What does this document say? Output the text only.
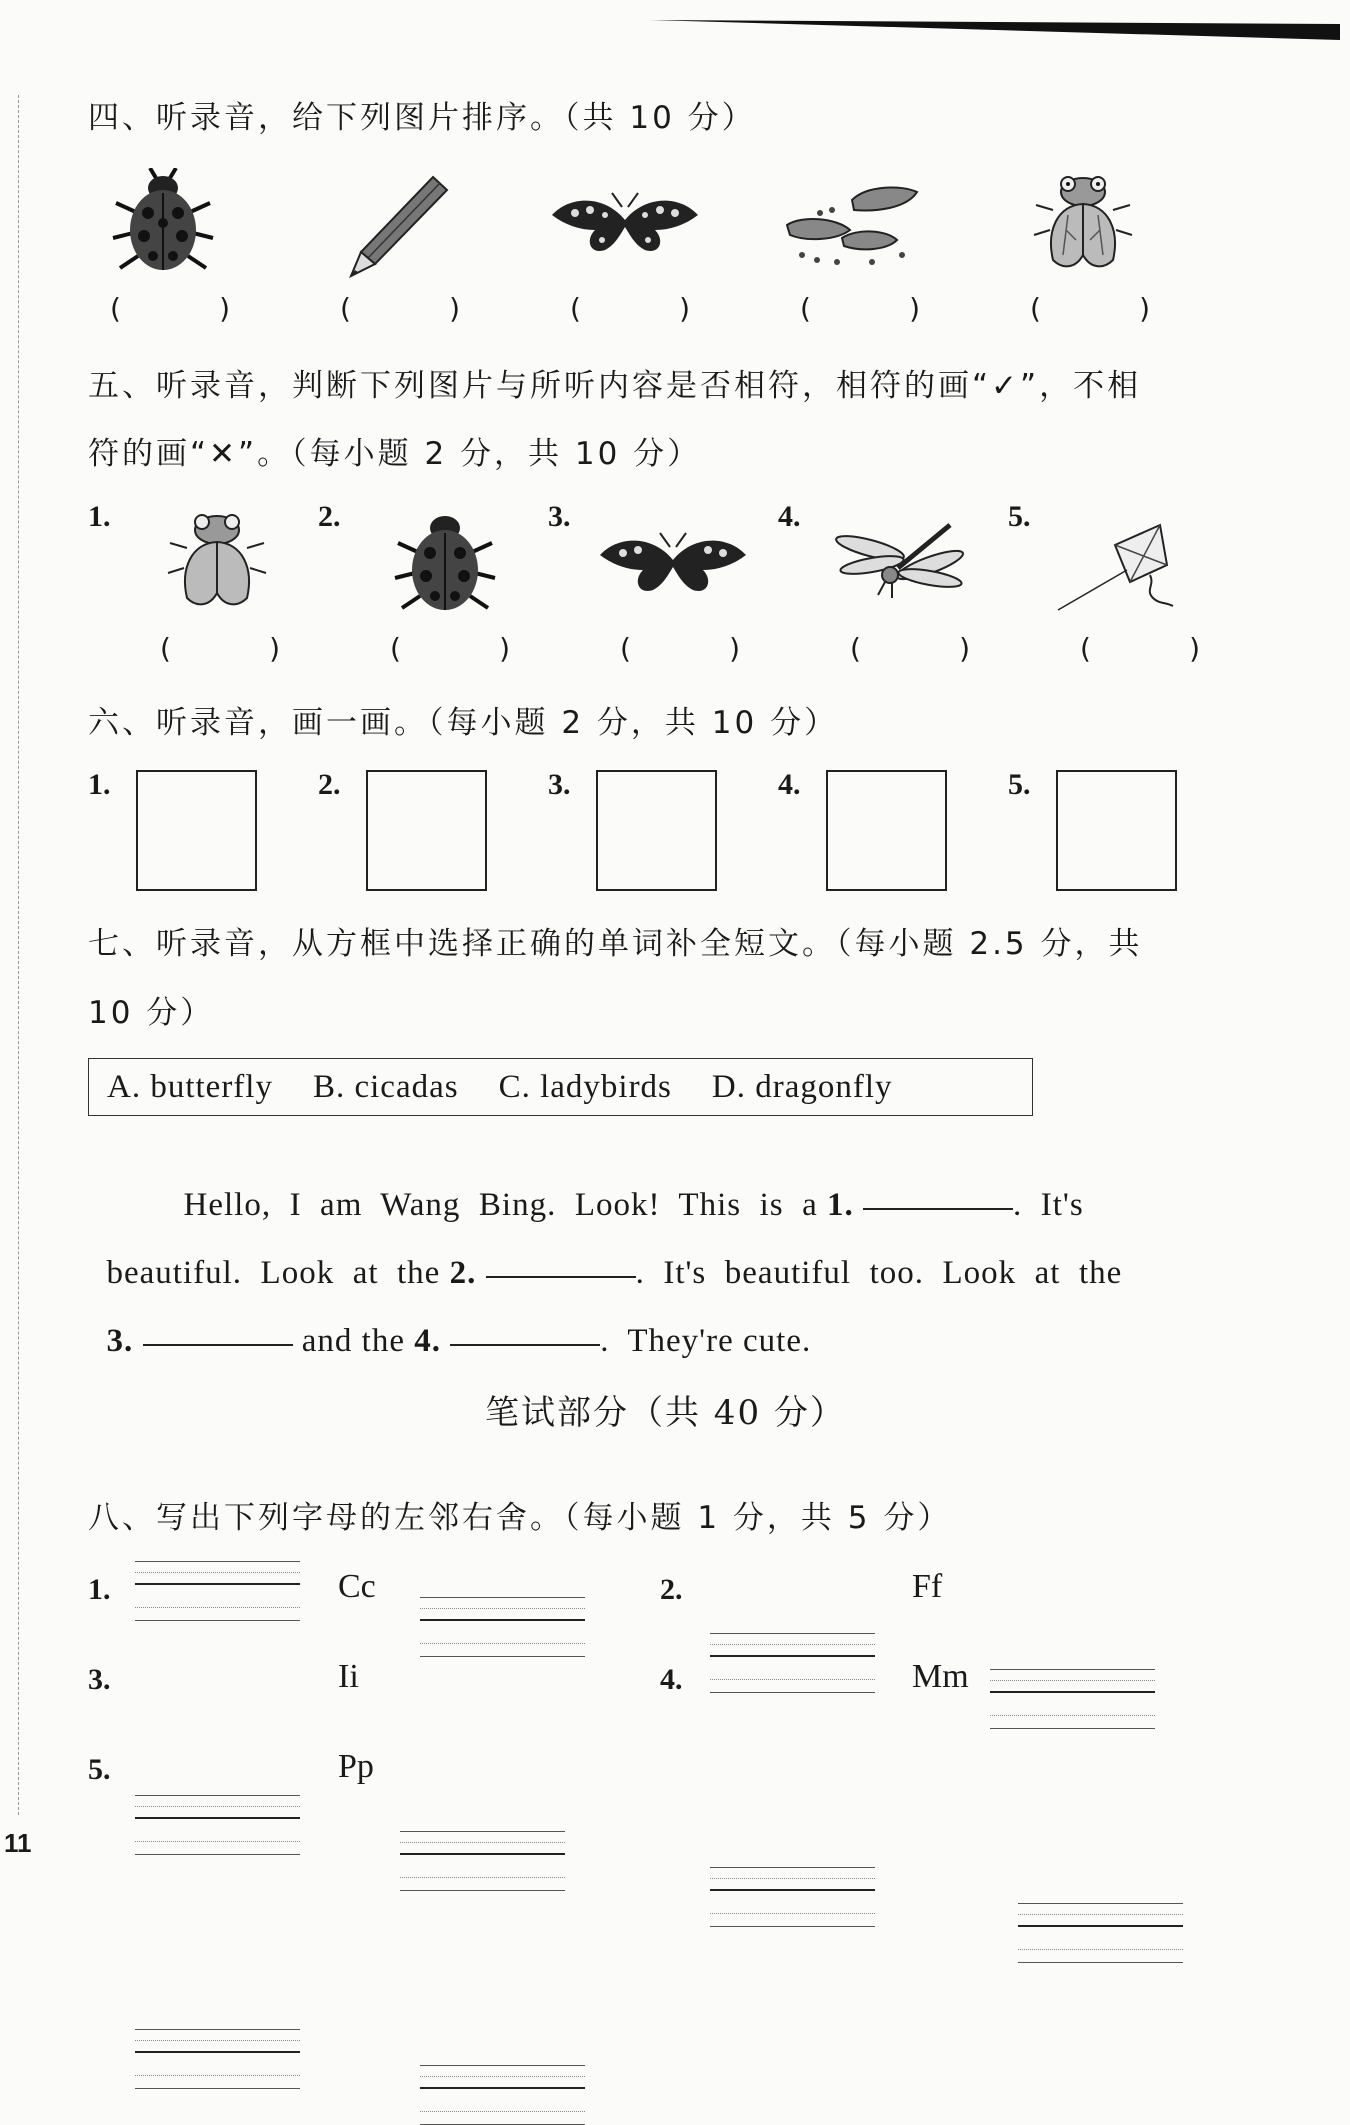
四、听录音，给下列图片排序。（共 10 分）
(	)	(	)	(	)	(	)	(	)
五、听录音，判断下列图片与所听内容是否相符，相符的画“✓”，不相
符的画“✕”。（每小题 2 分，共 10 分）
1.	2.	3.	4.	5.
(	)	(	)	(	)	(	)	(	)
六、听录音，画一画。（每小题 2 分，共 10 分）
1.	2.	3.	4.	5.
七、听录音，从方框中选择正确的单词补全短文。（每小题 2.5 分，共
10 分）
A. butterfly B. cicadas C. ladybirds D. dragonfly

Hello,  I  am  Wang  Bing.  Look!  This  is  a 1.	.  It's

beautiful.  Look  at  the 2.	.  It's  beautiful  too.  Look  at  the

3.	and the 4.	.  They're cute.

笔试部分（共 40 分）
八、写出下列字母的左邻右舍。（每小题 1 分，共 5 分）
1.	Cc	2.	Ff
3.	Ii	4.	Mm
5.	Pp
11
